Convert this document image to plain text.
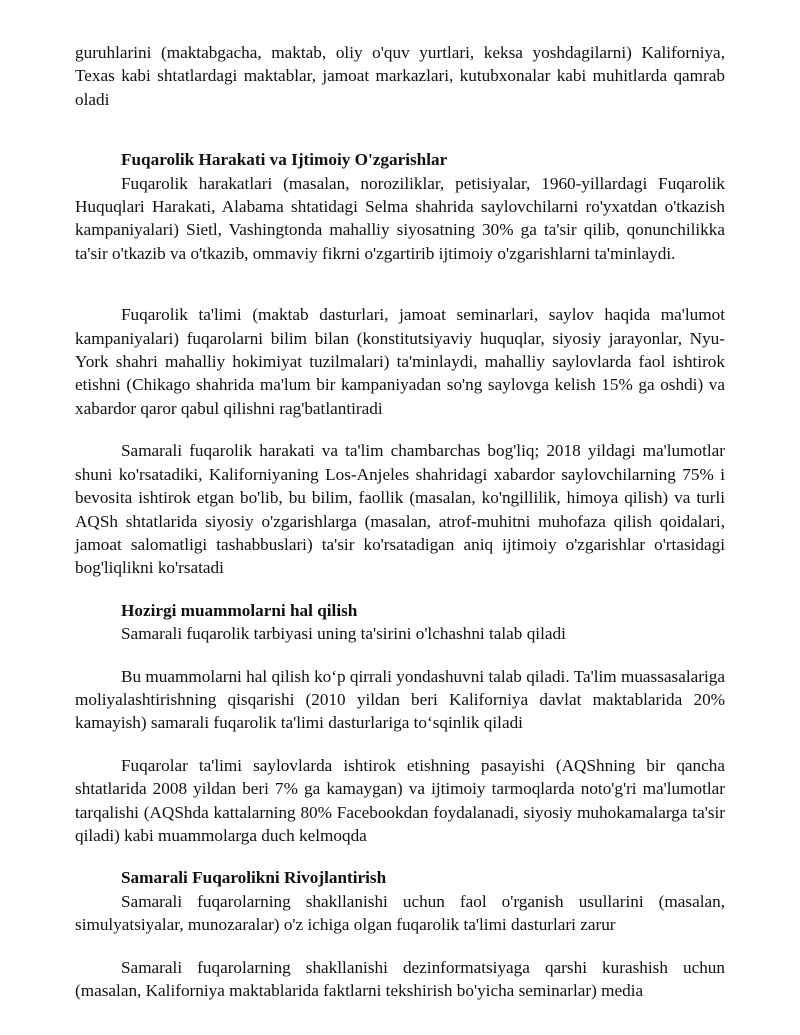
guruhlarini (maktabgacha, maktab, oliy o'quv yurtlari, keksa yoshdagilarni) Kaliforniya, Texas kabi shtatlardagi maktablar, jamoat markazlari, kutubxonalar kabi muhitlarda qamrab oladi

Fuqarolik Harakati va Ijtimoiy O'zgarishlar

Fuqarolik harakatlari (masalan, noroziliklar, petisiyalar, 1960-yillardagi Fuqarolik Huquqlari Harakati, Alabama shtatidagi Selma shahrida saylovchilarni ro'yxatdan o'tkazish kampaniyalari) Sietl, Vashingtonda mahalliy siyosatning 30% ga ta'sir qilib, qonunchilikka ta'sir o'tkazib va o'tkazib, ommaviy fikrni o'zgartirib ijtimoiy o'zgarishlarni ta'minlaydi.

Fuqarolik ta'limi (maktab dasturlari, jamoat seminarlari, saylov haqida ma'lumot kampaniyalari) fuqarolarni bilim bilan (konstitutsiyaviy huquqlar, siyosiy jarayonlar, Nyu-York shahri mahalliy hokimiyat tuzilmalari) ta'minlaydi, mahalliy saylovlarda faol ishtirok etishni (Chikago shahrida ma'lum bir kampaniyadan so'ng saylovga kelish 15% ga oshdi) va xabardor qaror qabul qilishni rag'batlantiradi

Samarali fuqarolik harakati va ta'lim chambarchas bog'liq; 2018 yildagi ma'lumotlar shuni ko'rsatadiki, Kaliforniyaning Los-Anjeles shahridagi xabardor saylovchilarning 75% i bevosita ishtirok etgan bo'lib, bu bilim, faollik (masalan, ko'ngillilik, himoya qilish) va turli AQSh shtatlarida siyosiy o'zgarishlarga (masalan, atrof-muhitni muhofaza qilish qoidalari, jamoat salomatligi tashabbuslari) ta'sir ko'rsatadigan aniq ijtimoiy o'zgarishlar o'rtasidagi bog'liqlikni ko'rsatadi

Hozirgi muammolarni hal qilish

Samarali fuqarolik tarbiyasi uning ta'sirini o'lchashni talab qiladi

Bu muammolarni hal qilish ko‘p qirrali yondashuvni talab qiladi. Ta'lim muassasalariga moliyalashtirishning qisqarishi (2010 yildan beri Kaliforniya davlat maktablarida 20% kamayish) samarali fuqarolik ta'limi dasturlariga to‘sqinlik qiladi

Fuqarolar ta'limi saylovlarda ishtirok etishning pasayishi (AQShning bir qancha shtatlarida 2008 yildan beri 7% ga kamaygan) va ijtimoiy tarmoqlarda noto'g'ri ma'lumotlar tarqalishi (AQShda kattalarning 80% Facebookdan foydalanadi, siyosiy muhokamalarga ta'sir qiladi) kabi muammolarga duch kelmoqda

Samarali Fuqarolikni Rivojlantirish

Samarali fuqarolarning shakllanishi uchun faol o'rganish usullarini (masalan, simulyatsiyalar, munozaralar) o'z ichiga olgan fuqarolik ta'limi dasturlari zarur

Samarali fuqarolarning shakllanishi dezinformatsiyaga qarshi kurashish uchun (masalan, Kaliforniya maktablarida faktlarni tekshirish bo'yicha seminarlar) media
